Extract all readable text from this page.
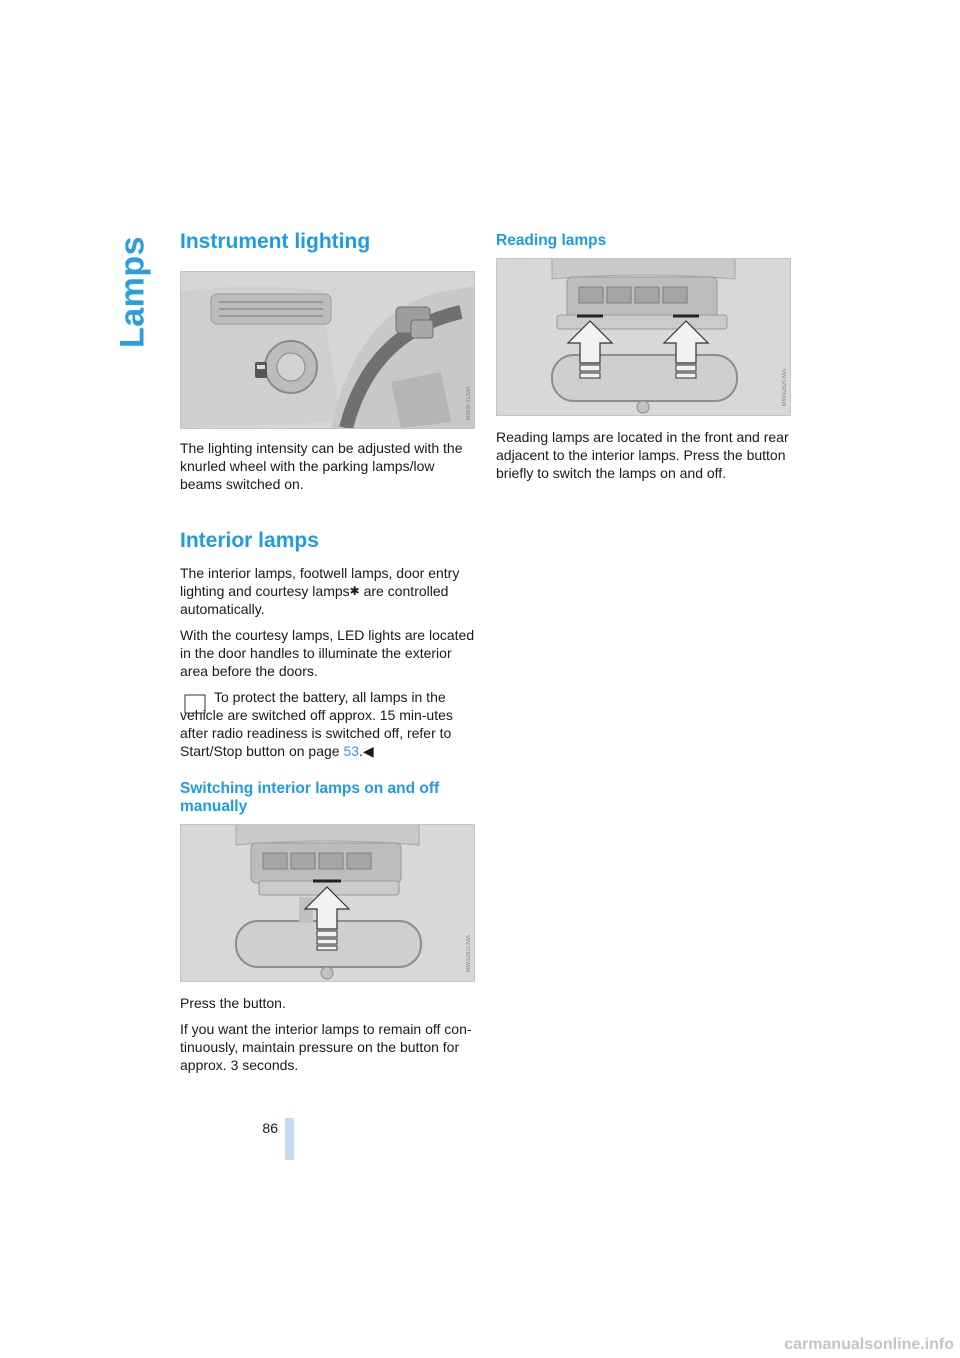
Lamps Instrument lighting
MW8F1CMA

The lighting intensity can be adjusted with the knurled wheel with the parking lamps/low beams switched on.

Interior lamps

The interior lamps, footwell lamps, door entry lighting and courtesy lamps✱ are controlled automatically.

With the courtesy lamps, LED lights are located in the door handles to illuminate the exterior area before the doors.

To protect the battery, all lamps in the vehicle are switched off approx. 15 min-utes after radio readiness is switched off, refer to Start/Stop button on page 53.◀

Switching interior lamps on and off manually
MW3281CMA

Press the button.

If you want the interior lamps to remain off con-tinuously, maintain pressure on the button for approx. 3 seconds.

Reading lamps
MW3282CMA

Reading lamps are located in the front and rear adjacent to the interior lamps. Press the button briefly to switch the lamps on and off.

86
carmanualsonline.info
